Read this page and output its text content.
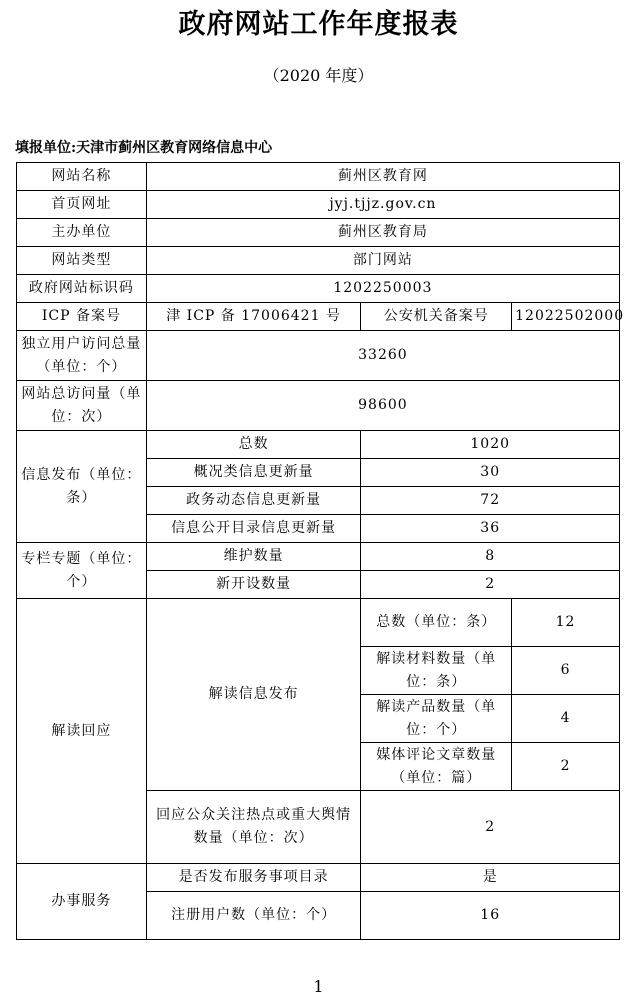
政府网站工作年度报表
（2020 年度）
填报单位:天津市蓟州区教育网络信息中心
网站名称	蓟州区教育网		
首页网址	jyj.tjjz.gov.cn		
主办单位	蓟州区教育局		
网站类型	部门网站		
政府网站标识码	1202250003		
ICP 备案号	津 ICP 备 17006421 号	公安机关备案号	12022502000
独立用户访问总量（单位：个）	33260		
网站总访问量（单位：次）	98600		
信息发布（单位：条）	总数	1020	
	概况类信息更新量	30	
	政务动态信息更新量	72	
	信息公开目录信息更新量	36	
专栏专题（单位：个）	维护数量	8	
	新开设数量	2	
解读回应	解读信息发布	总数（单位：条）	12
		解读材料数量（单位：条）	6
		解读产品数量（单位：个）	4
		媒体评论文章数量（单位：篇）	2
	回应公众关注热点或重大舆情数量（单位：次）	2	
办事服务	是否发布服务事项目录	是	
	注册用户数（单位：个）	16	
1
